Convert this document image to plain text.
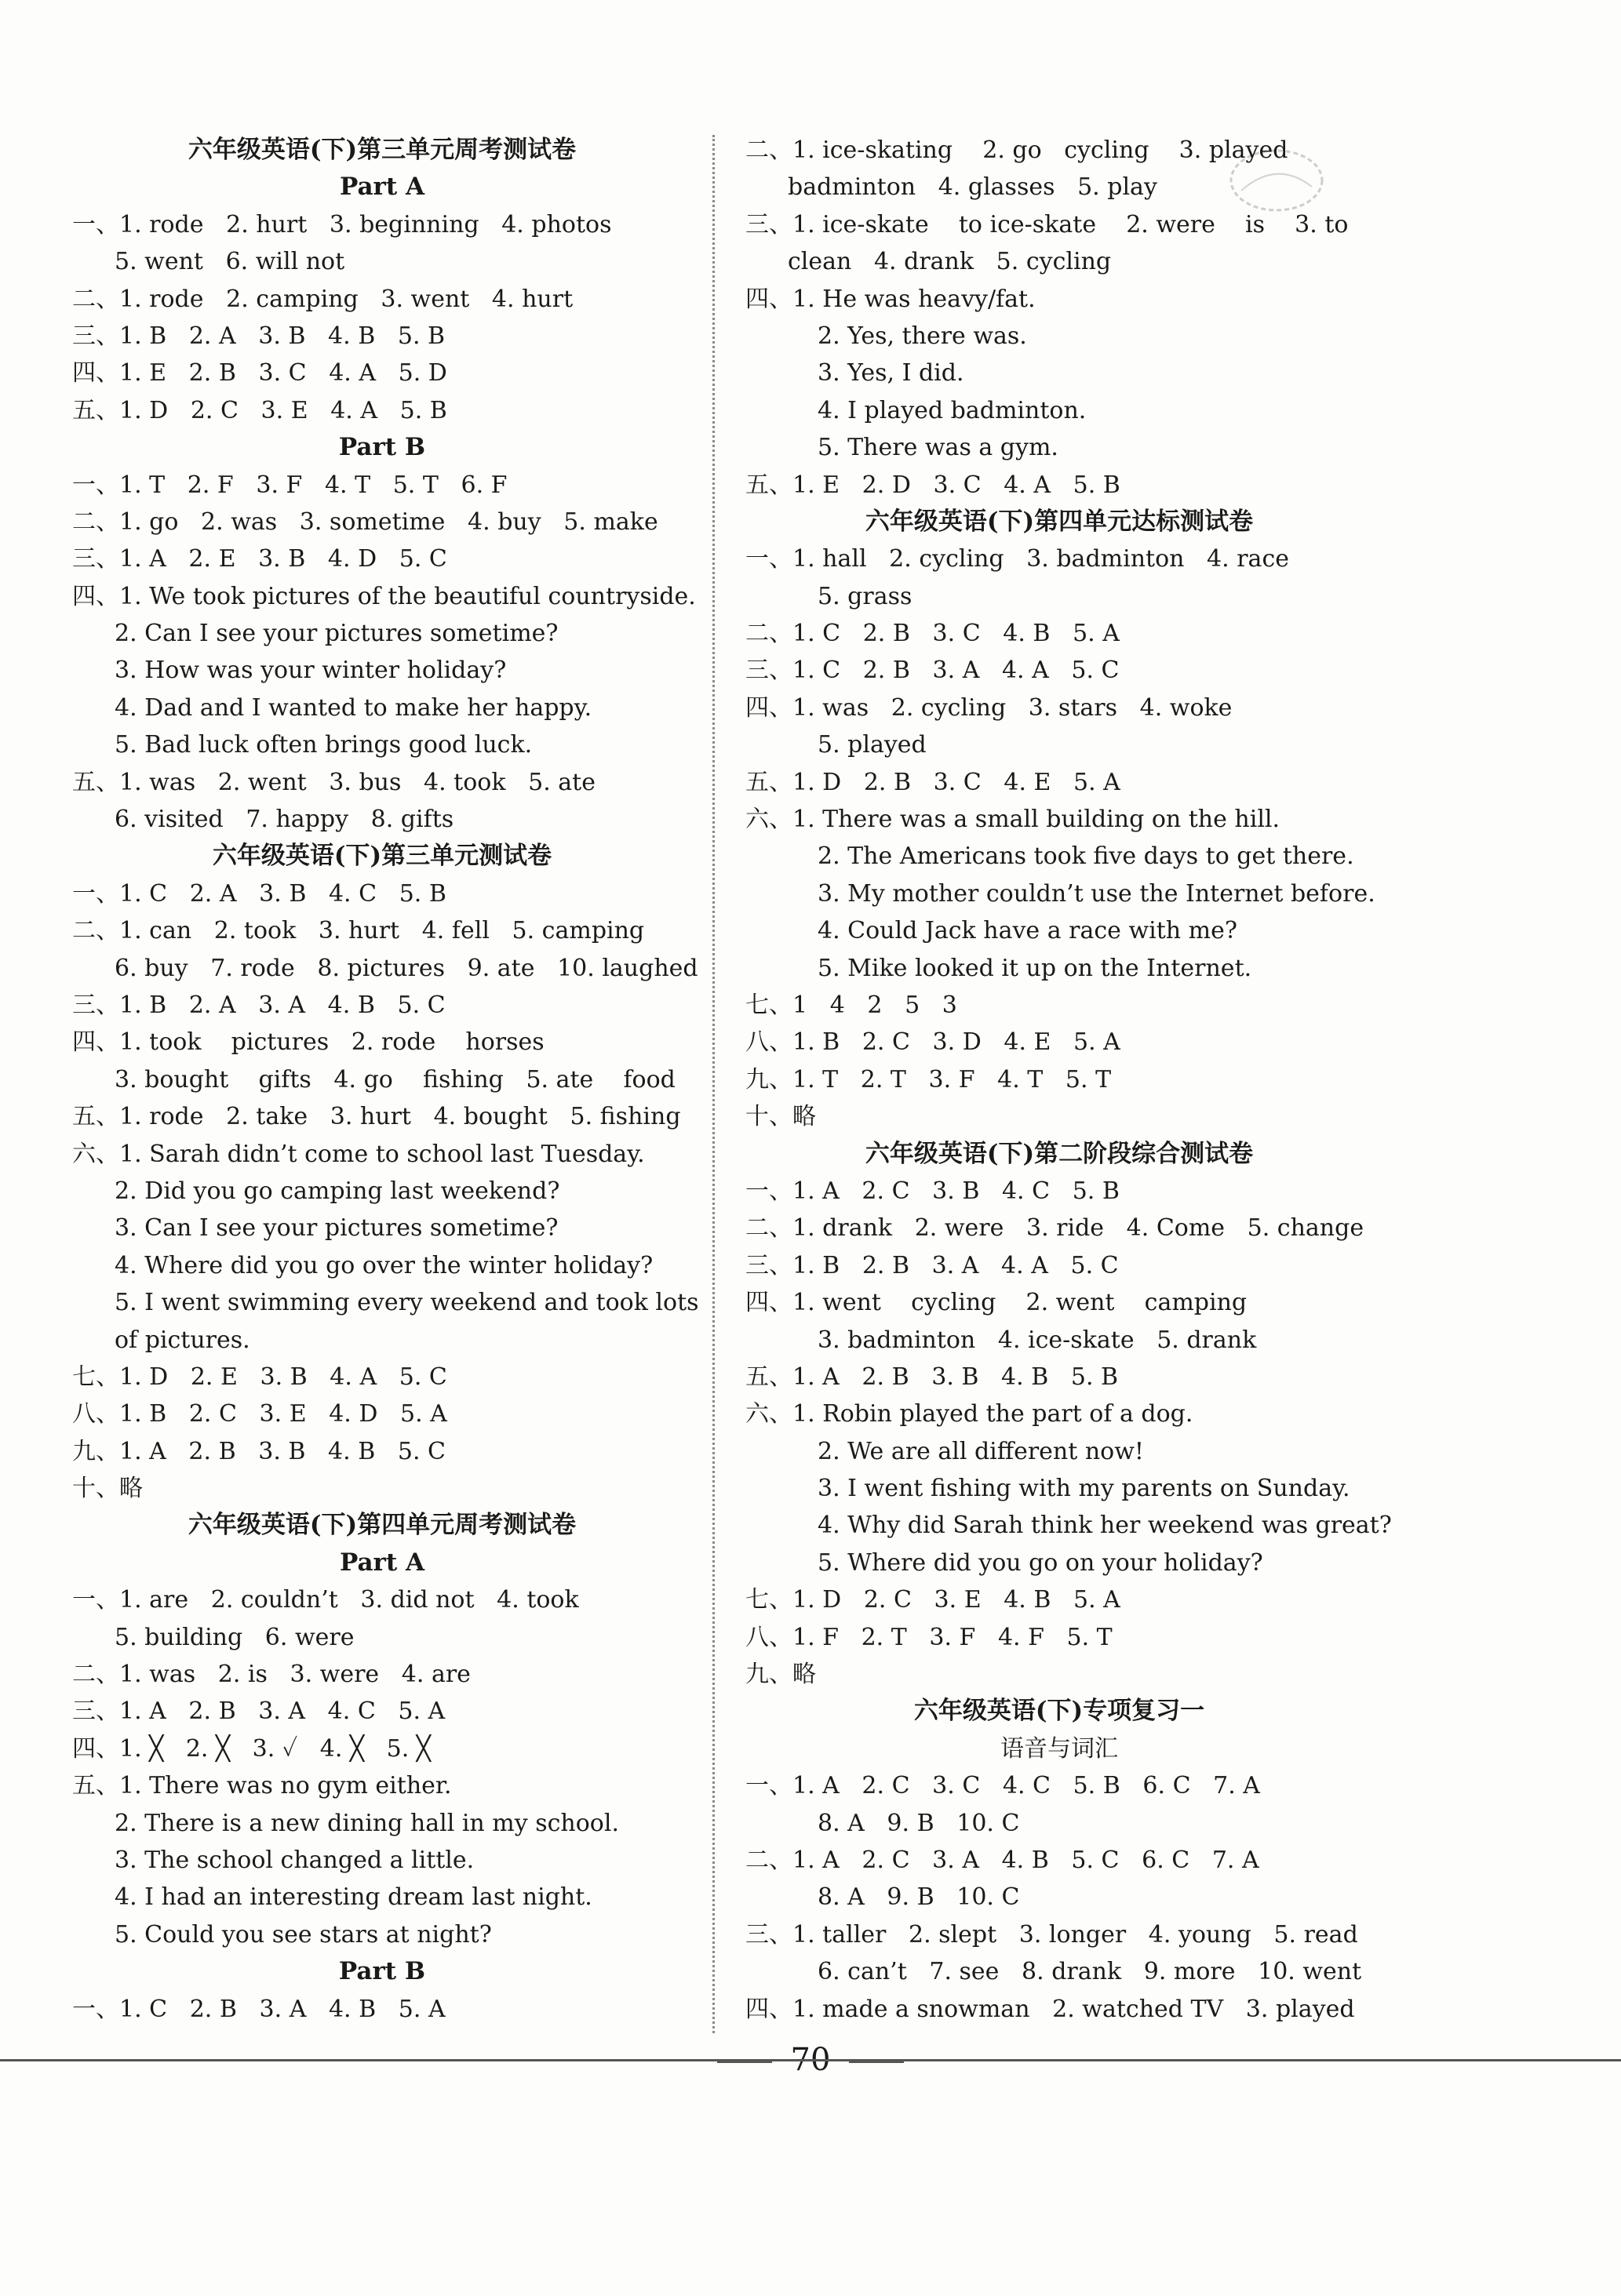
六年级英语(下)第三单元周考测试卷
Part A
一、1. rode   2. hurt   3. beginning   4. photos
5. went   6. will not
二、1. rode   2. camping   3. went   4. hurt
三、1. B   2. A   3. B   4. B   5. B
四、1. E   2. B   3. C   4. A   5. D
五、1. D   2. C   3. E   4. A   5. B
Part B
一、1. T   2. F   3. F   4. T   5. T   6. F
二、1. go   2. was   3. sometime   4. buy   5. make
三、1. A   2. E   3. B   4. D   5. C
四、1. We took pictures of the beautiful countryside.
2. Can I see your pictures sometime?
3. How was your winter holiday?
4. Dad and I wanted to make her happy.
5. Bad luck often brings good luck.
五、1. was   2. went   3. bus   4. took   5. ate
6. visited   7. happy   8. gifts
六年级英语(下)第三单元测试卷
一、1. C   2. A   3. B   4. C   5. B
二、1. can   2. took   3. hurt   4. fell   5. camping
6. buy   7. rode   8. pictures   9. ate   10. laughed
三、1. B   2. A   3. A   4. B   5. C
四、1. took    pictures   2. rode    horses
3. bought    gifts   4. go    fishing   5. ate    food
五、1. rode   2. take   3. hurt   4. bought   5. fishing
六、1. Sarah didn’t come to school last Tuesday.
2. Did you go camping last weekend?
3. Can I see your pictures sometime?
4. Where did you go over the winter holiday?
5. I went swimming every weekend and took lots
of pictures.
七、1. D   2. E   3. B   4. A   5. C
八、1. B   2. C   3. E   4. D   5. A
九、1. A   2. B   3. B   4. B   5. C
十、略
六年级英语(下)第四单元周考测试卷
Part A
一、1. are   2. couldn’t   3. did not   4. took
5. building   6. were
二、1. was   2. is   3. were   4. are
三、1. A   2. B   3. A   4. C   5. A
四、1. ╳   2. ╳   3. ✓   4. ╳   5. ╳
五、1. There was no gym either.
2. There is a new dining hall in my school.
3. The school changed a little.
4. I had an interesting dream last night.
5. Could you see stars at night?
Part B
一、1. C   2. B   3. A   4. B   5. A
二、1. ice-skating    2. go   cycling    3. played
badminton   4. glasses   5. play
三、1. ice-skate    to ice-skate    2. were    is    3. to
clean   4. drank   5. cycling
四、1. He was heavy/fat.
2. Yes, there was.
3. Yes, I did.
4. I played badminton.
5. There was a gym.
五、1. E   2. D   3. C   4. A   5. B
六年级英语(下)第四单元达标测试卷
一、1. hall   2. cycling   3. badminton   4. race
5. grass
二、1. C   2. B   3. C   4. B   5. A
三、1. C   2. B   3. A   4. A   5. C
四、1. was   2. cycling   3. stars   4. woke
5. played
五、1. D   2. B   3. C   4. E   5. A
六、1. There was a small building on the hill.
2. The Americans took five days to get there.
3. My mother couldn’t use the Internet before.
4. Could Jack have a race with me?
5. Mike looked it up on the Internet.
七、1   4   2   5   3
八、1. B   2. C   3. D   4. E   5. A
九、1. T   2. T   3. F   4. T   5. T
十、略
六年级英语(下)第二阶段综合测试卷
一、1. A   2. C   3. B   4. C   5. B
二、1. drank   2. were   3. ride   4. Come   5. change
三、1. B   2. B   3. A   4. A   5. C
四、1. went    cycling    2. went    camping
3. badminton   4. ice-skate   5. drank
五、1. A   2. B   3. B   4. B   5. B
六、1. Robin played the part of a dog.
2. We are all different now!
3. I went fishing with my parents on Sunday.
4. Why did Sarah think her weekend was great?
5. Where did you go on your holiday?
七、1. D   2. C   3. E   4. B   5. A
八、1. F   2. T   3. F   4. F   5. T
九、略
六年级英语(下)专项复习一
语音与词汇
一、1. A   2. C   3. C   4. C   5. B   6. C   7. A
8. A   9. B   10. C
二、1. A   2. C   3. A   4. B   5. C   6. C   7. A
8. A   9. B   10. C
三、1. taller   2. slept   3. longer   4. young   5. read
6. can’t   7. see   8. drank   9. more   10. went
四、1. made a snowman   2. watched TV   3. played
70
